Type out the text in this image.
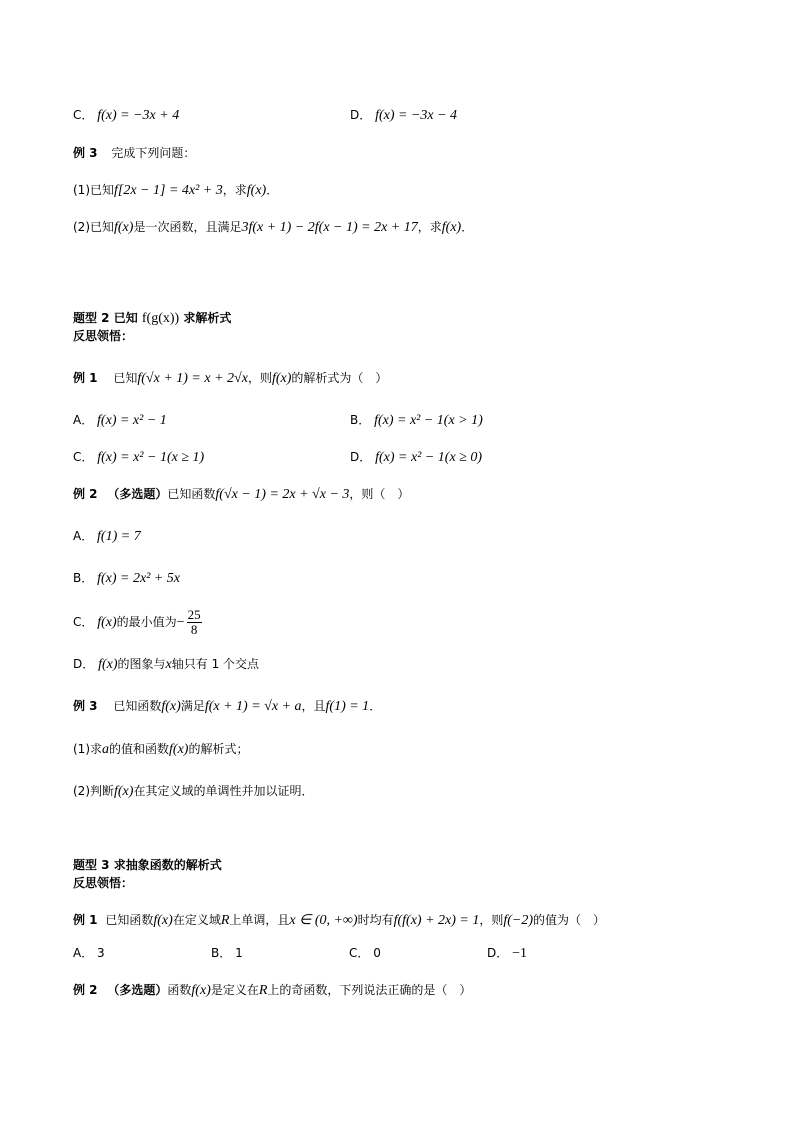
C． f(x) = −3x + 4	D． f(x) = −3x − 4
例 3 完成下列问题：
(1)已知f[2x − 1] = 4x² + 3，求f(x)．
(2)已知f(x)是一次函数，且满足3f(x + 1) − 2f(x − 1) = 2x + 17，求f(x)．
题型 2 已知 f(g(x)) 求解析式
反思领悟：
例 1 已知f(√x + 1) = x + 2√x，则f(x)的解析式为（　）
A． f(x) = x² − 1	B． f(x) = x² − 1(x > 1)
C． f(x) = x² − 1(x ≥ 1)	D． f(x) = x² − 1(x ≥ 0)
例 2 （多选题）已知函数f(√x − 1) = 2x + √x − 3，则（　）
A． f(1) = 7
B． f(x) = 2x² + 5x
C． f(x)的最小值为− $\frac{25}{8}$
D． f(x)的图象与x轴只有 1 个交点
例 3 已知函数f(x)满足f(x + 1) = √x + a，且f(1) = 1．
(1)求a的值和函数f(x)的解析式；
(2)判断f(x)在其定义域的单调性并加以证明．
题型 3 求抽象函数的解析式
反思领悟：
例 1 已知函数f(x)在定义域R上单调，且x ∈ (0, +∞)时均有f(f(x) + 2x) = 1，则f(−2)的值为（　）
A． 3	B． 1	C． 0	D． −1
例 2 （多选题）函数f(x)是定义在R上的奇函数，下列说法正确的是（　）
